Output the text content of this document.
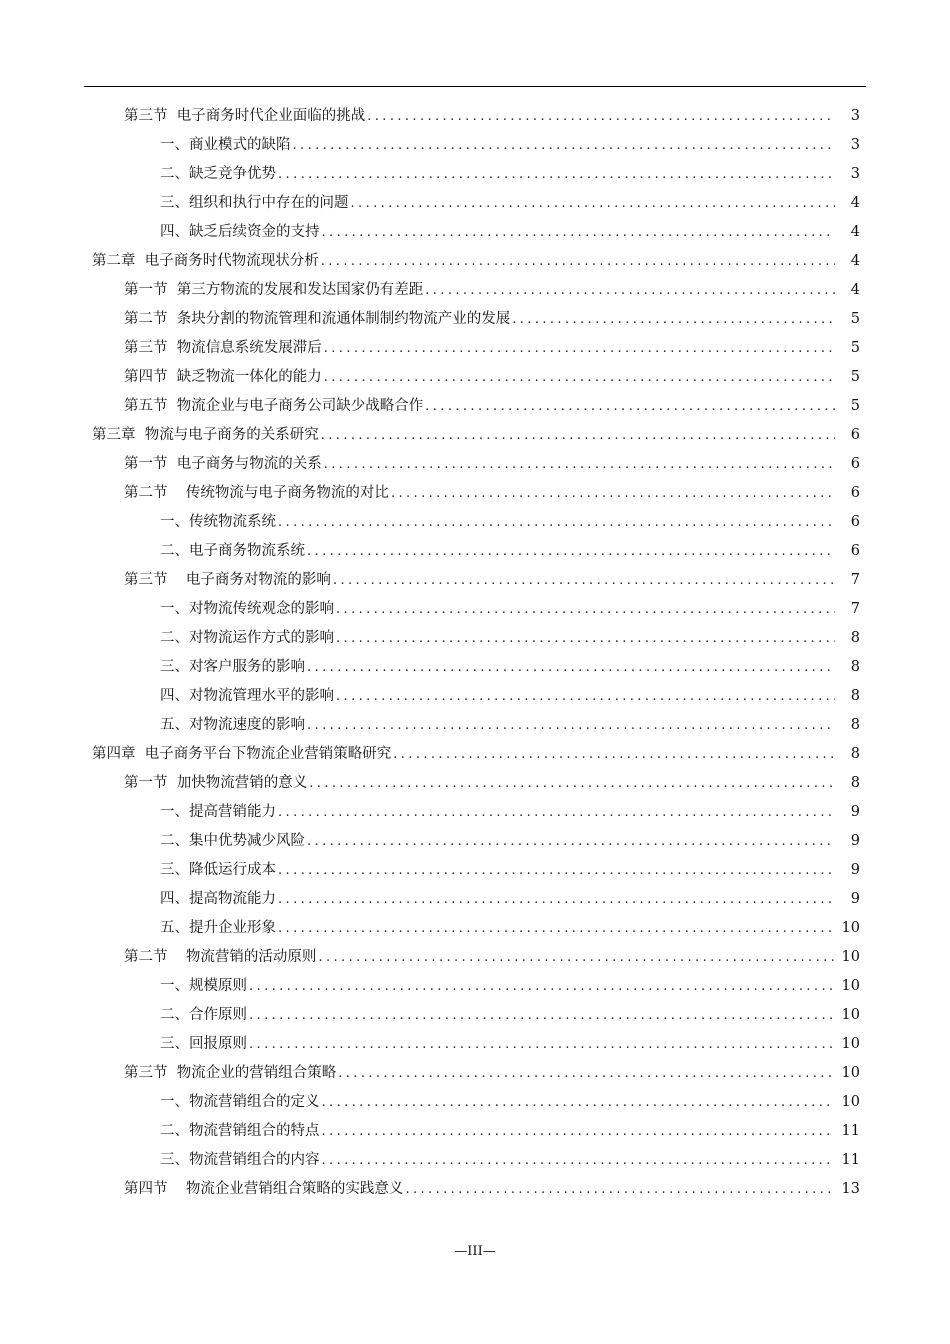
第三节  电子商务时代企业面临的挑战 .....	3
一、商业模式的缺陷 .....	3
二、缺乏竞争优势 .....	3
三、组织和执行中存在的问题 .....	4
四、缺乏后续资金的支持 .....	4
第二章  电子商务时代物流现状分析 .....	4
第一节  第三方物流的发展和发达国家仍有差距 .....	4
第二节  条块分割的物流管理和流通体制制约物流产业的发展 .....	5
第三节  物流信息系统发展滞后 .....	5
第四节  缺乏物流一体化的能力 .....	5
第五节  物流企业与电子商务公司缺少战略合作 .....	5
第三章  物流与电子商务的关系研究 .....	6
第一节  电子商务与物流的关系 .....	6
第二节    传统物流与电子商务物流的对比 .....	6
一、传统物流系统 .....	6
二、电子商务物流系统 .....	6
第三节    电子商务对物流的影响 .....	7
一、对物流传统观念的影响 .....	7
二、对物流运作方式的影响 .....	8
三、对客户服务的影响 .....	8
四、对物流管理水平的影响 .....	8
五、对物流速度的影响 .....	8
第四章  电子商务平台下物流企业营销策略研究 .....	8
第一节  加快物流营销的意义 .....	8
一、提高营销能力 .....	9
二、集中优势减少风险 .....	9
三、降低运行成本 .....	9
四、提高物流能力 .....	9
五、提升企业形象 .....	10
第二节    物流营销的活动原则 .....	10
一、规模原则 .....	10
二、合作原则 .....	10
三、回报原则 .....	10
第三节  物流企业的营销组合策略 .....	10
一、物流营销组合的定义 .....	10
二、物流营销组合的特点 .....	11
三、物流营销组合的内容 .....	11
第四节    物流企业营销组合策略的实践意义 .....	13
—III—
